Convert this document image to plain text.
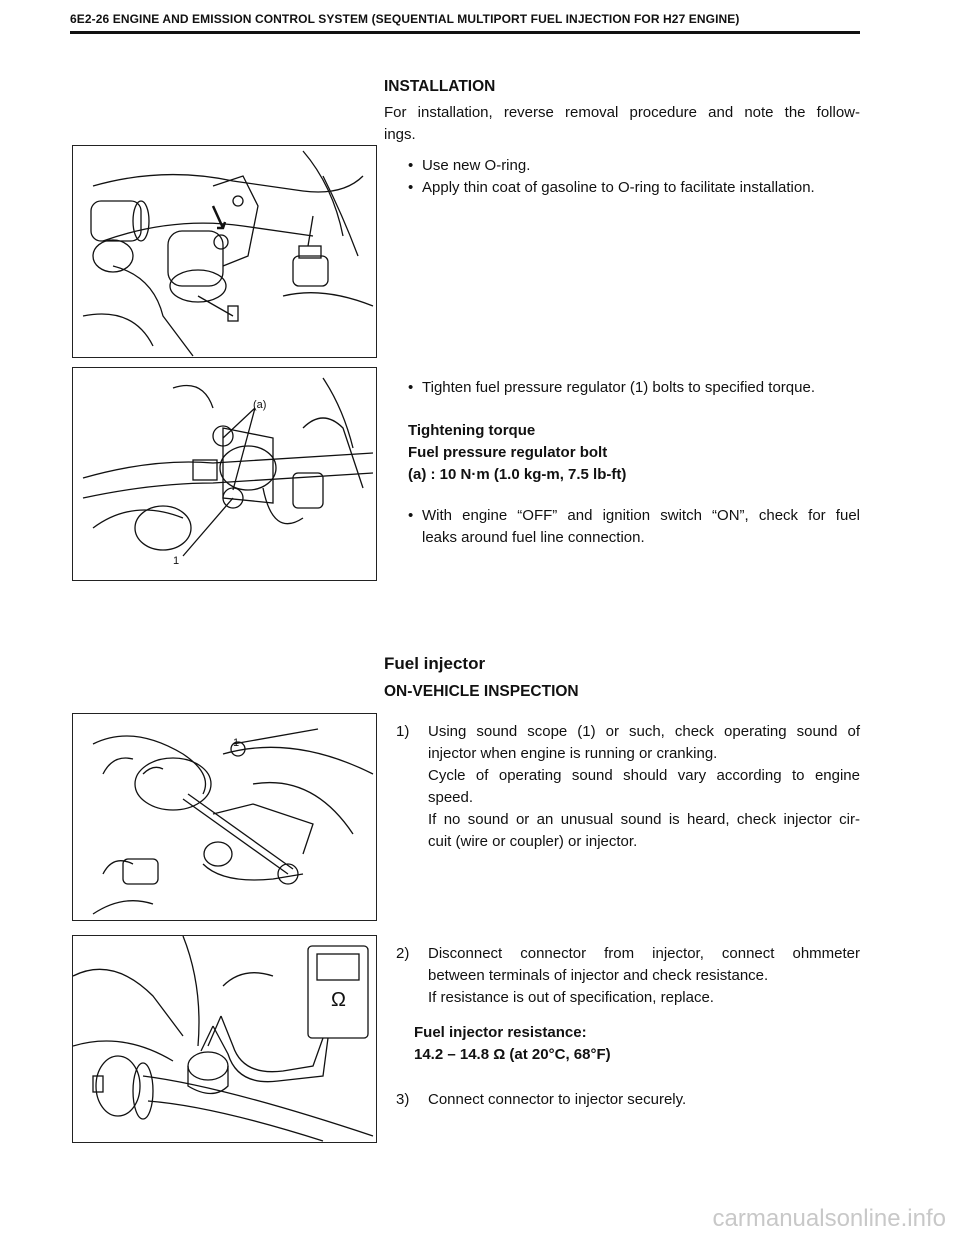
6E2-26 ENGINE AND EMISSION CONTROL SYSTEM (SEQUENTIAL MULTIPORT FUEL INJECTION FOR H27 ENGINE)
INSTALLATION
For installation, reverse removal procedure and note the follow-
ings.
• Use new O-ring.
• Apply thin coat of gasoline to O-ring to facilitate installation.
(a)
1
• Tighten fuel pressure regulator (1) bolts to specified torque.
Tightening torque
Fuel pressure regulator bolt
(a) : 10 N·m (1.0 kg-m, 7.5 lb-ft)
• With engine “OFF” and ignition switch “ON”, check for fuel
leaks around fuel line connection.
Fuel injector
ON-VEHICLE INSPECTION
1
1) Using sound scope (1) or such, check operating sound of

injector when engine is running or cranking.

Cycle of operating sound should vary according to engine

speed.

If no sound or an unusual sound is heard, check injector cir-

cuit (wire or coupler) or injector.

Ω
2) Disconnect connector from injector, connect ohmmeter

between terminals of injector and check resistance.

If resistance is out of specification, replace.

Fuel injector resistance:
14.2 – 14.8 Ω (at 20°C, 68°F)
3) Connect connector to injector securely.

carmanualsonline.info
